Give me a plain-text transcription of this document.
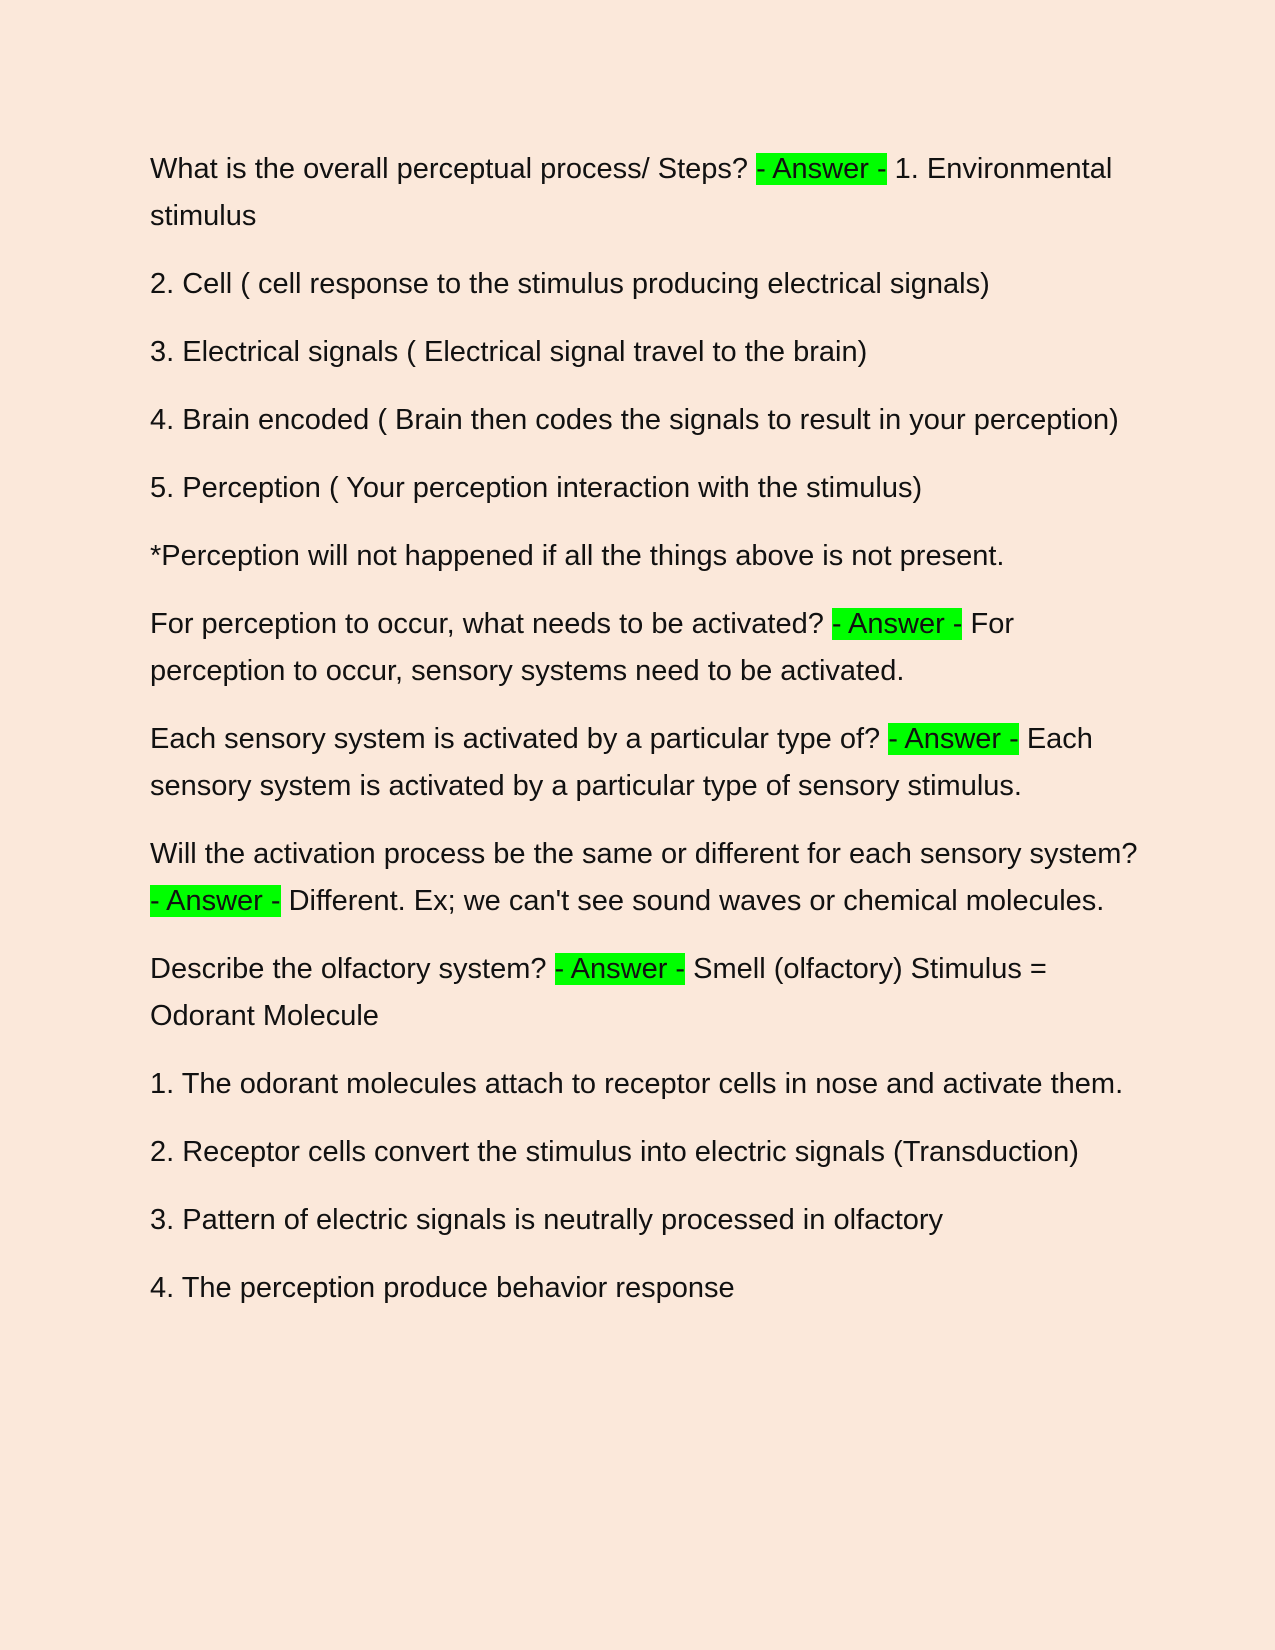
What is the overall perceptual process/ Steps? - Answer - 1. Environmental stimulus

2. Cell ( cell response to the stimulus producing electrical signals)

3. Electrical signals ( Electrical signal travel to the brain)

4. Brain encoded ( Brain then codes the signals to result in your perception)

5. Perception ( Your perception interaction with the stimulus)

*Perception will not happened if all the things above is not present.

For perception to occur, what needs to be activated? - Answer - For perception to occur, sensory systems need to be activated.

Each sensory system is activated by a particular type of? - Answer - Each sensory system is activated by a particular type of sensory stimulus.

Will the activation process be the same or different for each sensory system? - Answer - Different. Ex; we can't see sound waves or chemical molecules.

Describe the olfactory system? - Answer - Smell (olfactory) Stimulus = Odorant Molecule

1. The odorant molecules attach to receptor cells in nose and activate them.

2. Receptor cells convert the stimulus into electric signals (Transduction)

3. Pattern of electric signals is neutrally processed in olfactory

4. The perception produce behavior response
